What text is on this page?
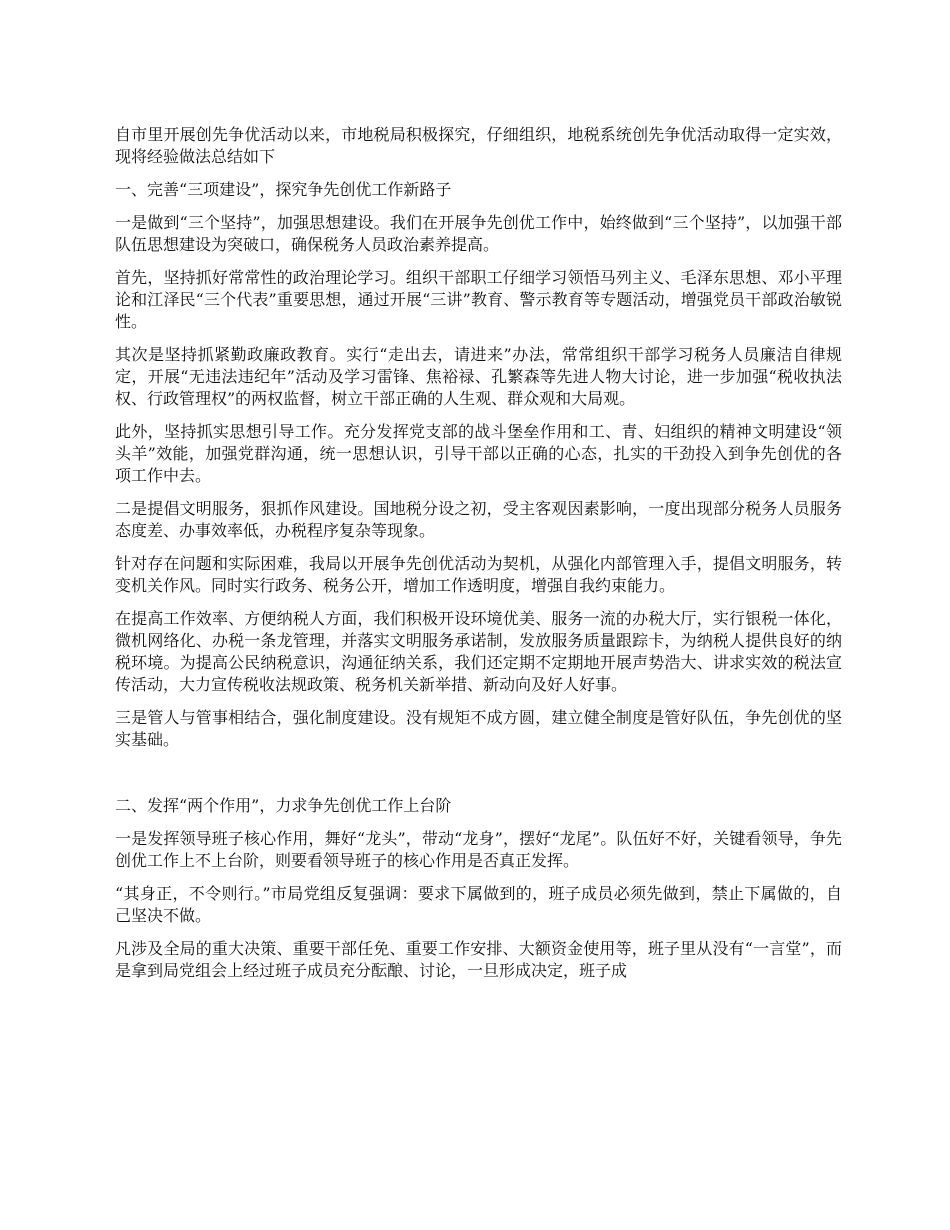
自市里开展创先争优活动以来，市地税局积极探究，仔细组织，地税系统创先争优活动取得一定实效，现将经验做法总结如下

一、完善“三项建设”，探究争先创优工作新路子

一是做到“三个坚持”，加强思想建设。我们在开展争先创优工作中，始终做到“三个坚持”，以加强干部队伍思想建设为突破口，确保税务人员政治素养提高。

首先，坚持抓好常常性的政治理论学习。组织干部职工仔细学习领悟马列主义、毛泽东思想、邓小平理论和江泽民“三个代表”重要思想，通过开展“三讲”教育、警示教育等专题活动，增强党员干部政治敏锐性。

其次是坚持抓紧勤政廉政教育。实行“走出去，请进来”办法，常常组织干部学习税务人员廉洁自律规定，开展“无违法违纪年”活动及学习雷锋、焦裕禄、孔繁森等先进人物大讨论，进一步加强“税收执法权、行政管理权”的两权监督，树立干部正确的人生观、群众观和大局观。

此外，坚持抓实思想引导工作。充分发挥党支部的战斗堡垒作用和工、青、妇组织的精神文明建设“领头羊”效能，加强党群沟通，统一思想认识，引导干部以正确的心态，扎实的干劲投入到争先创优的各项工作中去。

二是提倡文明服务，狠抓作风建设。国地税分设之初，受主客观因素影响，一度出现部分税务人员服务态度差、办事效率低，办税程序复杂等现象。

针对存在问题和实际困难，我局以开展争先创优活动为契机，从强化内部管理入手，提倡文明服务，转变机关作风。同时实行政务、税务公开，增加工作透明度，增强自我约束能力。

在提高工作效率、方便纳税人方面，我们积极开设环境优美、服务一流的办税大厅，实行银税一体化，微机网络化、办税一条龙管理，并落实文明服务承诺制，发放服务质量跟踪卡，为纳税人提供良好的纳税环境。为提高公民纳税意识，沟通征纳关系，我们还定期不定期地开展声势浩大、讲求实效的税法宣传活动，大力宣传税收法规政策、税务机关新举措、新动向及好人好事。

三是管人与管事相结合，强化制度建设。没有规矩不成方圆，建立健全制度是管好队伍，争先创优的坚实基础。

二、发挥“两个作用”，力求争先创优工作上台阶

一是发挥领导班子核心作用，舞好“龙头”，带动“龙身”，摆好“龙尾”。队伍好不好，关键看领导，争先创优工作上不上台阶，则要看领导班子的核心作用是否真正发挥。

“其身正，不令则行。”市局党组反复强调：要求下属做到的，班子成员必须先做到，禁止下属做的，自己坚决不做。

凡涉及全局的重大决策、重要干部任免、重要工作安排、大额资金使用等，班子里从没有“一言堂”，而是拿到局党组会上经过班子成员充分酝酿、讨论，一旦形成决定，班子成
